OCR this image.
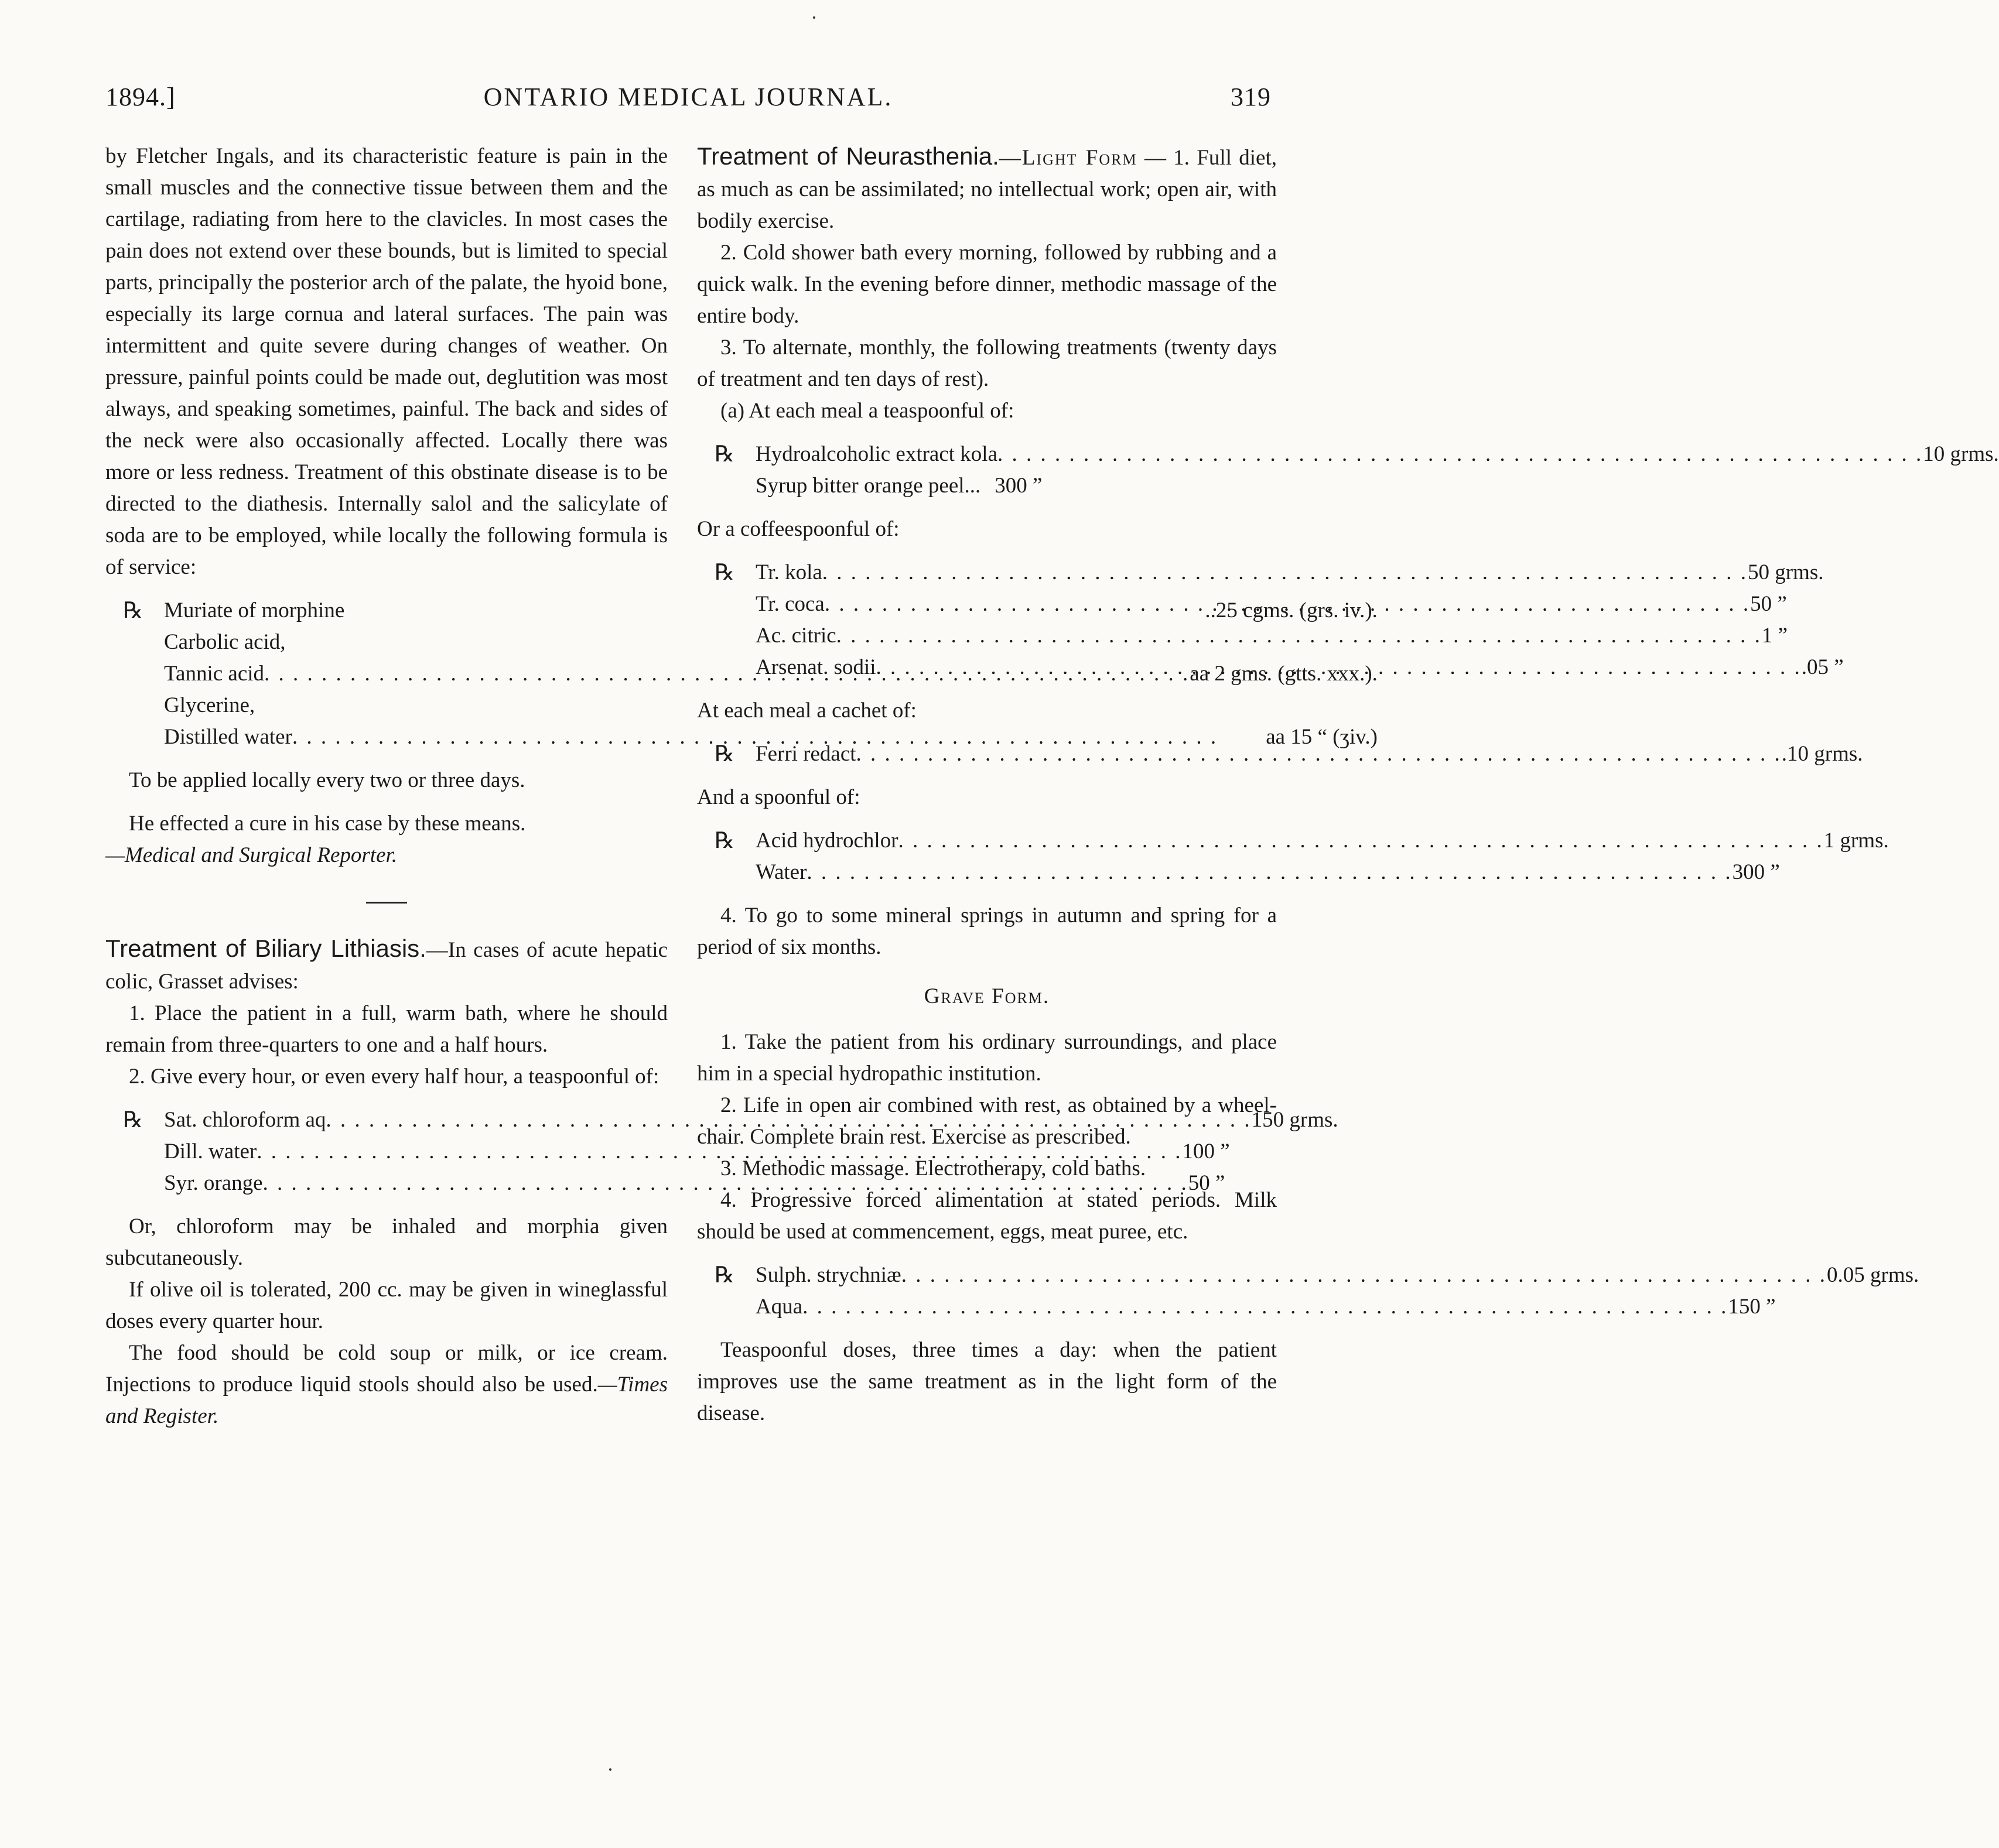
1894.]	ONTARIO MEDICAL JOURNAL.	319

by Fletcher Ingals, and its characteristic feature is pain in the small muscles and the connective tissue between them and the cartilage, radiating from here to the clavicles. In most cases the pain does not extend over these bounds, but is limited to special parts, principally the posterior arch of the palate, the hyoid bone, especially its large cornua and lateral surfaces. The pain was intermittent and quite severe during changes of weather. On pressure, painful points could be made out, deglutition was most always, and speaking sometimes, painful. The back and sides of the neck were also occasionally affected. Locally there was more or less redness. Treatment of this obstinate disease is to be directed to the diathesis. Internally salol and the salicylate of soda are to be employed, while locally the following formula is of service:

℞ Muriate of morphine	..25 cgms. (grs. iv.).
Carbolic acid,
Tannic acid . . .	aa 2 gms. (gtts. xxx.).
Glycerine,
Distilled water . . .	aa 15 “ (ʒiv.)

To be applied locally every two or three days.

He effected a cure in his case by these means.

—Medical and Surgical Reporter.

Treatment of Biliary Lithiasis.—In cases of acute hepatic colic, Grasset advises:

1. Place the patient in a full, warm bath, where he should remain from three-quarters to one and a half hours.

2. Give every hour, or even every half hour, a teaspoonful of:

℞ Sat. chloroform aq . . .	150 grms.
Dill. water . . .	100 ”
Syr. orange . . .	50 ”

Or, chloroform may be inhaled and morphia given subcutaneously.

If olive oil is tolerated, 200 cc. may be given in wineglassful doses every quarter hour.

The food should be cold soup or milk, or ice cream. Injections to produce liquid stools should also be used.—Times and Register.

Treatment of Neurasthenia.—Light Form — 1. Full diet, as much as can be assimilated; no intellectual work; open air, with bodily exercise.

2. Cold shower bath every morning, followed by rubbing and a quick walk. In the evening before dinner, methodic massage of the entire body.

3. To alternate, monthly, the following treatments (twenty days of treatment and ten days of rest).

(a) At each meal a teaspoonful of:

℞ Hydroalcoholic extract kola . . .	10 grms.
Syrup bitter orange peel... 300 ”

Or a coffeespoonful of:

℞ Tr. kola . . .	50 grms.
Tr. coca . . .	50 ”
Ac. citric . . .	1 ”
Arsenat. sodii . . .	.05 ”

At each meal a cachet of:

℞ Ferri redact . . .	.10 grms.

And a spoonful of:

℞ Acid hydrochlor . . .	1 grms.
Water . . .	300 ”

4. To go to some mineral springs in autumn and spring for a period of six months.

Grave Form.

1. Take the patient from his ordinary surroundings, and place him in a special hydropathic institution.

2. Life in open air combined with rest, as obtained by a wheel-chair. Complete brain rest. Exercise as prescribed.

3. Methodic massage. Electrotherapy, cold baths.

4. Progressive forced alimentation at stated periods. Milk should be used at commencement, eggs, meat puree, etc.

℞ Sulph. strychniæ . . .	0.05 grms.
Aqua . . .	150 ”

Teaspoonful doses, three times a day: when the patient improves use the same treatment as in the light form of the disease.
